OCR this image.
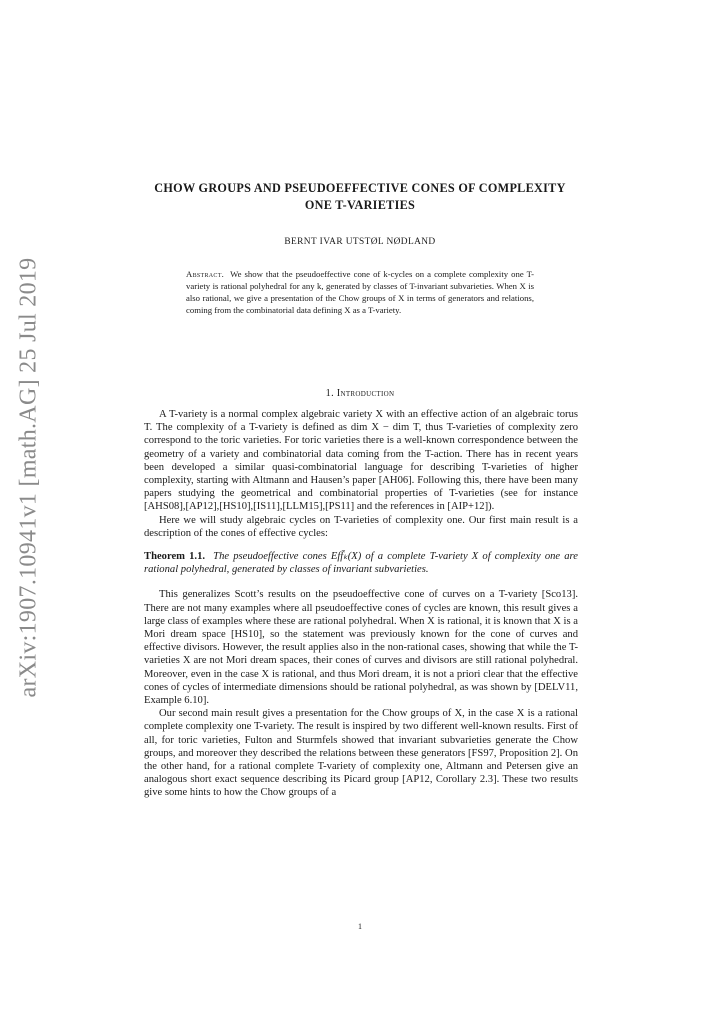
arXiv:1907.10941v1 [math.AG] 25 Jul 2019
CHOW GROUPS AND PSEUDOEFFECTIVE CONES OF COMPLEXITY ONE T-VARIETIES
BERNT IVAR UTSTØL NØDLAND

Abstract. We show that the pseudoeffective cone of k-cycles on a complete complexity one T-variety is rational polyhedral for any k, generated by classes of T-invariant subvarieties. When X is also rational, we give a presentation of the Chow groups of X in terms of generators and relations, coming from the combinatorial data defining X as a T-variety.

1. Introduction

A T-variety is a normal complex algebraic variety X with an effective action of an algebraic torus T. The complexity of a T-variety is defined as dim X − dim T, thus T-varieties of complexity zero correspond to the toric varieties. For toric varieties there is a well-known correspondence between the geometry of a variety and combinatorial data coming from the T-action. There has in recent years been developed a similar quasi-combinatorial language for describing T-varieties of higher complexity, starting with Altmann and Hausen’s paper [AH06]. Following this, there have been many papers studying the geometrical and combinatorial properties of T-varieties (see for instance [AHS08],[AP12],[HS10],[IS11],[LLM15],[PS11] and the references in [AIP+12]).

Here we will study algebraic cycles on T-varieties of complexity one. Our first main result is a description of the cones of effective cycles:

Theorem 1.1. The pseudoeffective cones Eff̄ₖ(X) of a complete T-variety X of complexity one are rational polyhedral, generated by classes of invariant subvarieties.

This generalizes Scott’s results on the pseudoeffective cone of curves on a T-variety [Sco13]. There are not many examples where all pseudoeffective cones of cycles are known, this result gives a large class of examples where these are rational polyhedral. When X is rational, it is known that X is a Mori dream space [HS10], so the statement was previously known for the cone of curves and effective divisors. However, the result applies also in the non-rational cases, showing that while the T-varieties X are not Mori dream spaces, their cones of curves and divisors are still rational polyhedral. Moreover, even in the case X is rational, and thus Mori dream, it is not a priori clear that the effective cones of cycles of intermediate dimensions should be rational polyhedral, as was shown by [DELV11, Example 6.10].

Our second main result gives a presentation for the Chow groups of X, in the case X is a rational complete complexity one T-variety. The result is inspired by two different well-known results. First of all, for toric varieties, Fulton and Sturmfels showed that invariant subvarieties generate the Chow groups, and moreover they described the relations between these generators [FS97, Proposition 2]. On the other hand, for a rational complete T-variety of complexity one, Altmann and Petersen give an analogous short exact sequence describing its Picard group [AP12, Corollary 2.3]. These two results give some hints to how the Chow groups of a

1
